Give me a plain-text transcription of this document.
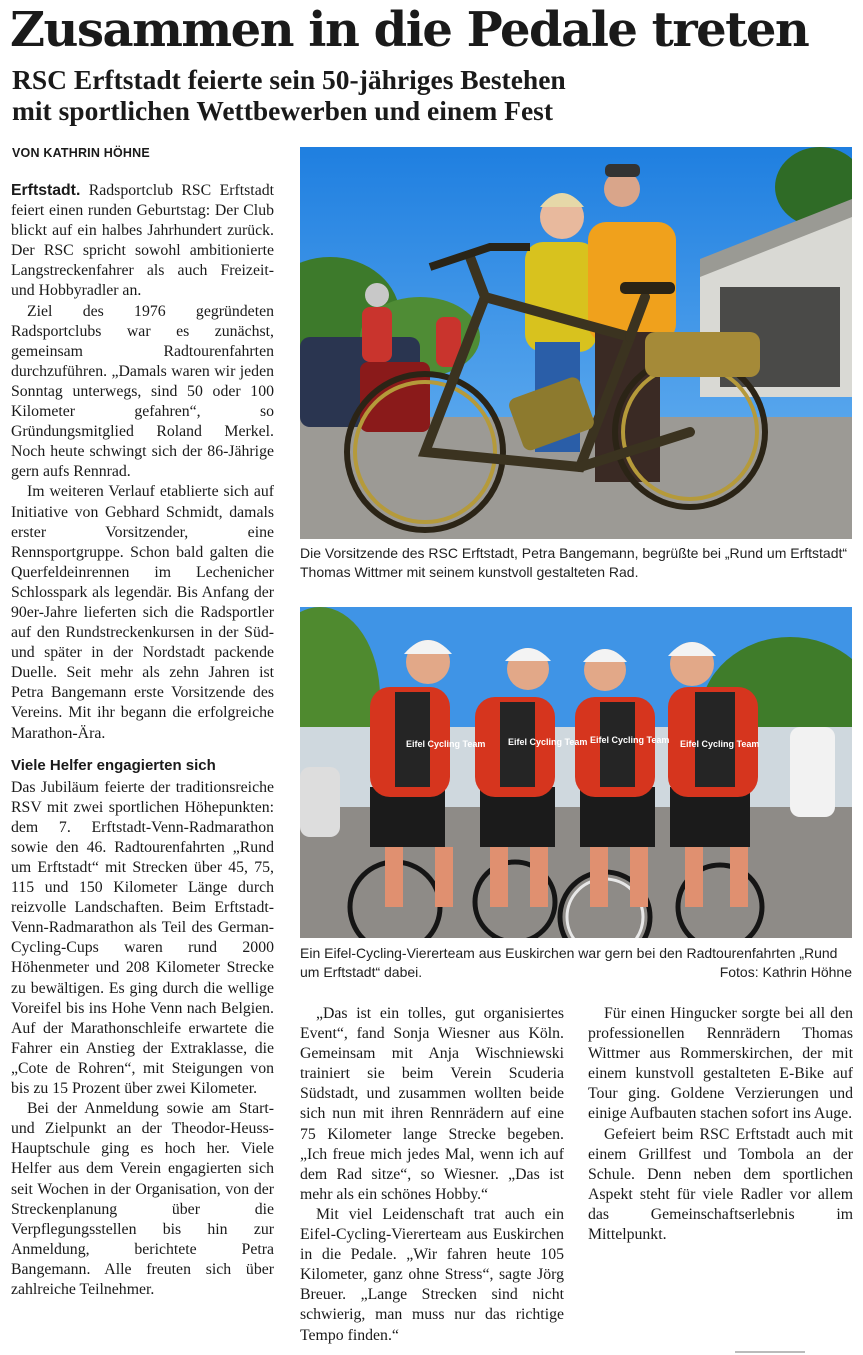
Zusammen in die Pedale treten
RSC Erftstadt feierte sein 50-jähriges Bestehen
mit sportlichen Wettbewerben und einem Fest
VON KATHRIN HÖHNE

Erftstadt. Radsportclub RSC Erftstadt feiert einen runden Geburtstag: Der Club blickt auf ein halbes Jahrhundert zurück. Der RSC spricht sowohl ambitionierte Langstreckenfahrer als auch Freizeit- und Hobbyradler an.

Ziel des 1976 gegründeten Radsportclubs war es zunächst, gemeinsam Radtourenfahrten durchzuführen. „Damals waren wir jeden Sonntag unterwegs, sind 50 oder 100 Kilometer gefahren“, so Gründungsmitglied Roland Merkel. Noch heute schwingt sich der 86-Jährige gern aufs Rennrad.

Im weiteren Verlauf etablierte sich auf Initiative von Gebhard Schmidt, damals erster Vorsitzender, eine Rennsportgruppe. Schon bald galten die Querfeldeinrennen im Lechenicher Schlosspark als legendär. Bis Anfang der 90er-Jahre lieferten sich die Radsportler auf den Rundstreckenkursen in der Süd- und später in der Nordstadt packende Duelle. Seit mehr als zehn Jahren ist Petra Bangemann erste Vorsitzende des Vereins. Mit ihr begann die erfolgreiche Marathon-Ära.

Viele Helfer engagierten sich

Das Jubiläum feierte der traditionsreiche RSV mit zwei sportlichen Höhepunkten: dem 7. Erftstadt-Venn-Radmarathon sowie den 46. Radtourenfahrten „Rund um Erftstadt“ mit Strecken über 45, 75, 115 und 150 Kilometer Länge durch reizvolle Landschaften. Beim Erftstadt-Venn-Radmarathon als Teil des German-Cycling-Cups waren rund 2000 Höhenmeter und 208 Kilometer Strecke zu bewältigen. Es ging durch die wellige Voreifel bis ins Hohe Venn nach Belgien. Auf der Marathonschleife erwartete die Fahrer ein Anstieg der Extraklasse, die „Cote de Rohren“, mit Steigungen von bis zu 15 Prozent über zwei Kilometer.

Bei der Anmeldung sowie am Start- und Zielpunkt an der Theodor-Heuss-Hauptschule ging es hoch her. Viele Helfer aus dem Verein engagierten sich seit Wochen in der Organisation, von der Streckenplanung über die Verpflegungsstellen bis hin zur Anmeldung, berichtete Petra Bangemann. Alle freuten sich über zahlreiche Teilnehmer.

„Das ist ein tolles, gut organisiertes Event“, fand Sonja Wiesner aus Köln. Gemeinsam mit Anja Wischniewski trainiert sie beim Verein Scuderia Südstadt, und zusammen wollten beide sich nun mit ihren Rennrädern auf eine 75 Kilometer lange Strecke begeben. „Ich freue mich jedes Mal, wenn ich auf dem Rad sitze“, so Wiesner. „Das ist mehr als ein schönes Hobby.“

Mit viel Leidenschaft trat auch ein Eifel-Cycling-Viererteam aus Euskirchen in die Pedale. „Wir fahren heute 105 Kilometer, ganz ohne Stress“, sagte Jörg Breuer. „Lange Strecken sind nicht schwierig, man muss nur das richtige Tempo finden.“

Für einen Hingucker sorgte bei all den professionellen Rennrädern Thomas Wittmer aus Rommerskirchen, der mit einem kunstvoll gestalteten E-Bike auf Tour ging. Goldene Verzierungen und einige Aufbauten stachen sofort ins Auge.

Gefeiert beim RSC Erftstadt auch mit einem Grillfest und Tombola an der Schule. Denn neben dem sportlichen Aspekt steht für viele Radler vor allem das Gemeinschaftserlebnis im Mittelpunkt.

Die Vorsitzende des RSC Erftstadt, Petra Bangemann, begrüßte bei „Rund um Erftstadt“ Thomas Wittmer mit seinem kunstvoll gestalteten Rad.
Eifel Cycling Team	Eifel Cycling Team Eifel Cycling Team Eifel Cycling Team
Ein Eifel-Cycling-Viererteam aus Euskirchen war gern bei den Radtourenfahrten „Rund um Erftstadt“ dabei.	Fotos: Kathrin Höhne
